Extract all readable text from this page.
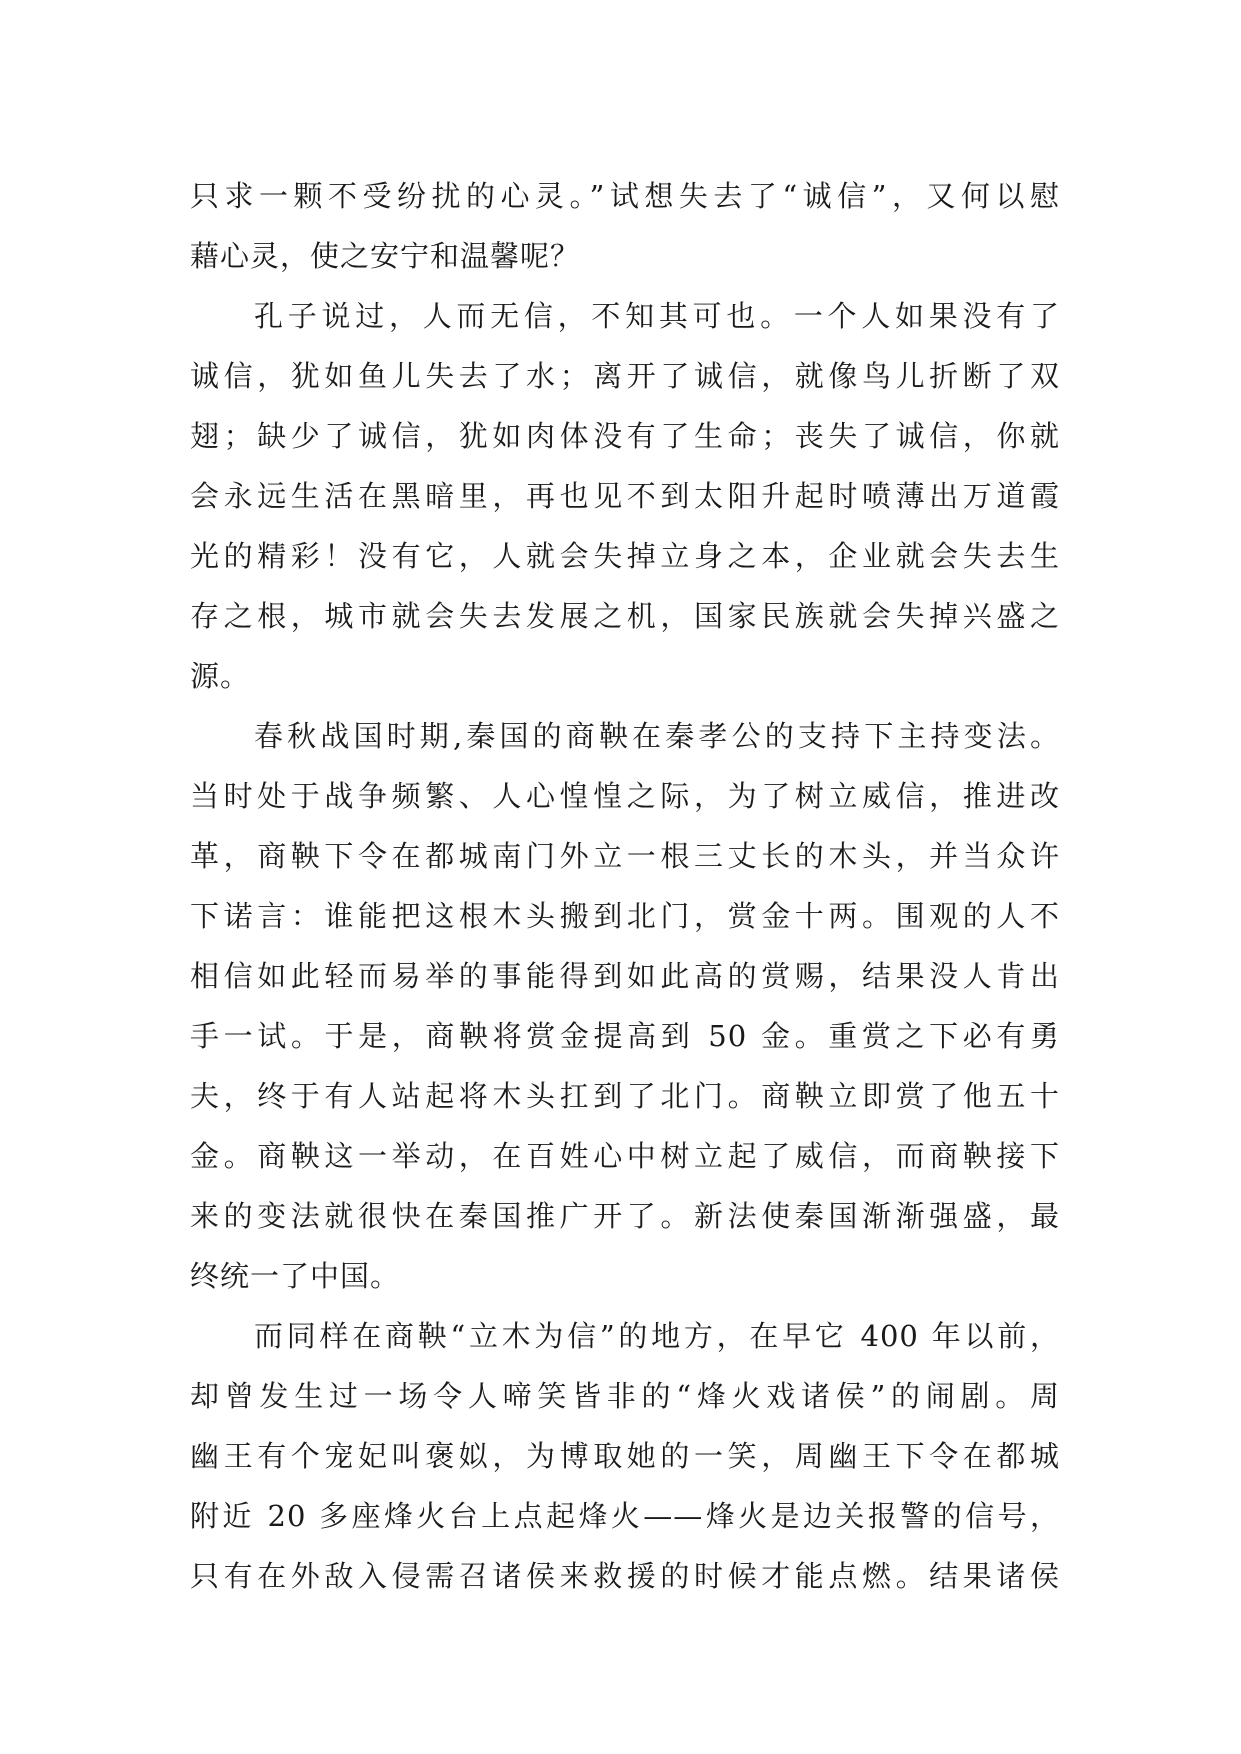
只求一颗不受纷扰的心灵。”试想失去了“诚信”，又何以慰
藉心灵，使之安宁和温馨呢？
孔子说过，人而无信，不知其可也。一个人如果没有了
诚信，犹如鱼儿失去了水；离开了诚信，就像鸟儿折断了双
翅；缺少了诚信，犹如肉体没有了生命；丧失了诚信，你就
会永远生活在黑暗里，再也见不到太阳升起时喷薄出万道霞
光的精彩！没有它，人就会失掉立身之本，企业就会失去生
存之根，城市就会失去发展之机，国家民族就会失掉兴盛之
源。
春秋战国时期,秦国的商鞅在秦孝公的支持下主持变法。
当时处于战争频繁、人心惶惶之际，为了树立威信，推进改
革，商鞅下令在都城南门外立一根三丈长的木头，并当众许
下诺言：谁能把这根木头搬到北门，赏金十两。围观的人不
相信如此轻而易举的事能得到如此高的赏赐，结果没人肯出
手一试。于是，商鞅将赏金提高到 50 金。重赏之下必有勇
夫，终于有人站起将木头扛到了北门。商鞅立即赏了他五十
金。商鞅这一举动，在百姓心中树立起了威信，而商鞅接下
来的变法就很快在秦国推广开了。新法使秦国渐渐强盛，最
终统一了中国。
而同样在商鞅“立木为信”的地方，在早它 400 年以前，
却曾发生过一场令人啼笑皆非的“烽火戏诸侯”的闹剧。周
幽王有个宠妃叫褒姒，为博取她的一笑，周幽王下令在都城
附近 20 多座烽火台上点起烽火——烽火是边关报警的信号，
只有在外敌入侵需召诸侯来救援的时候才能点燃。结果诸侯
